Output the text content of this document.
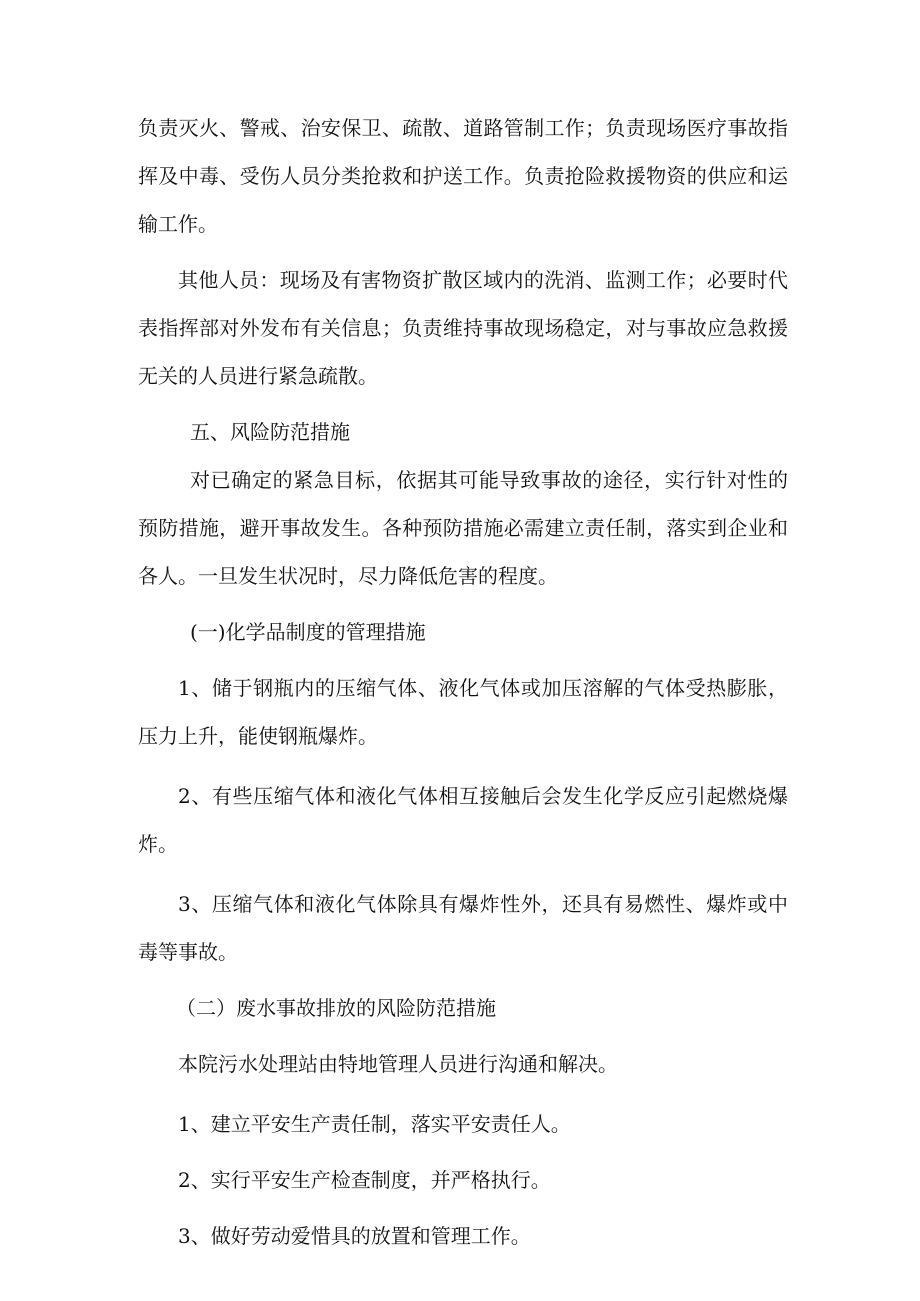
负责灭火、警戒、治安保卫、疏散、道路管制工作；负责现场医疗事故指挥及中毒、受伤人员分类抢救和护送工作。负责抢险救援物资的供应和运输工作。

其他人员：现场及有害物资扩散区域内的洗消、监测工作；必要时代表指挥部对外发布有关信息；负责维持事故现场稳定，对与事故应急救援无关的人员进行紧急疏散。

五、风险防范措施

对已确定的紧急目标，依据其可能导致事故的途径，实行针对性的预防措施，避开事故发生。各种预防措施必需建立责任制，落实到企业和各人。一旦发生状况时，尽力降低危害的程度。

(一)化学品制度的管理措施

1、储于钢瓶内的压缩气体、液化气体或加压溶解的气体受热膨胀，压力上升，能使钢瓶爆炸。

2、有些压缩气体和液化气体相互接触后会发生化学反应引起燃烧爆炸。

3、压缩气体和液化气体除具有爆炸性外，还具有易燃性、爆炸或中毒等事故。

（二）废水事故排放的风险防范措施

本院污水处理站由特地管理人员进行沟通和解决。

1、建立平安生产责任制，落实平安责任人。

2、实行平安生产检查制度，并严格执行。

3、做好劳动爱惜具的放置和管理工作。
